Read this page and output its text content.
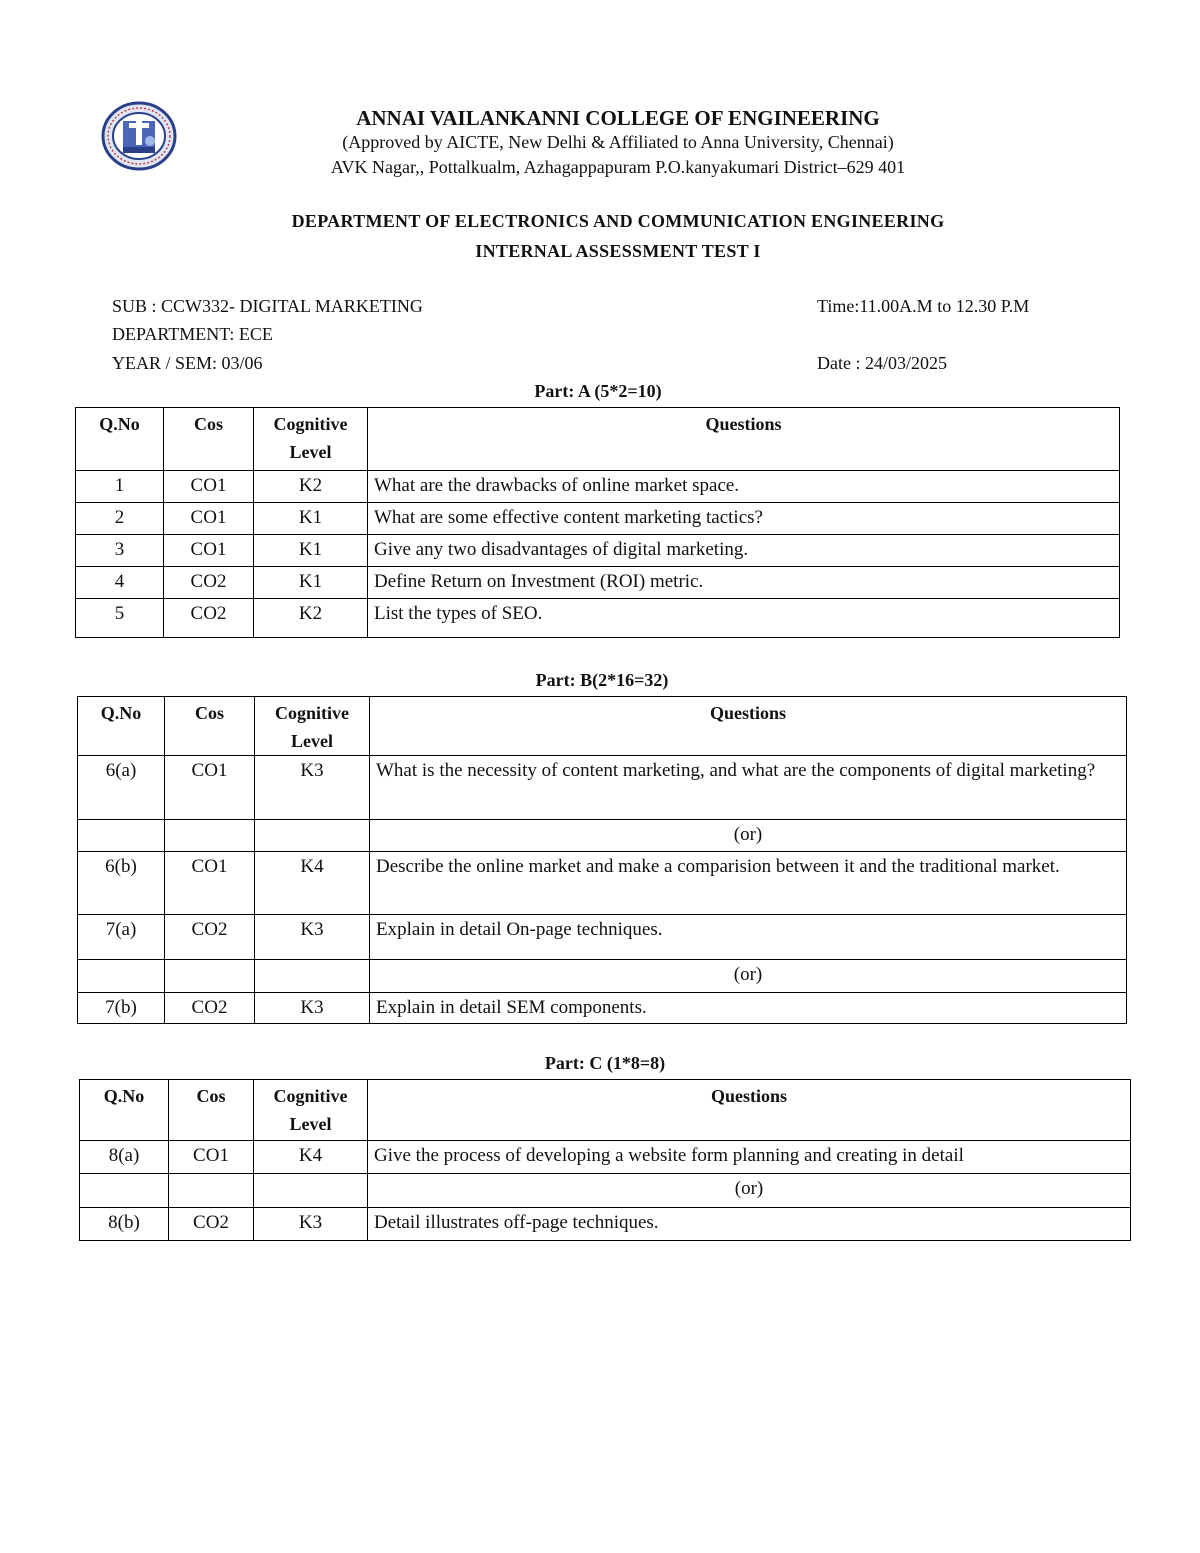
ANNAI VAILANKANNI COLLEGE OF ENGINEERING
(Approved by AICTE, New Delhi & Affiliated to Anna University, Chennai)
AVK Nagar,, Pottalkualm, Azhagappapuram P.O.kanyakumari District–629 401
DEPARTMENT OF ELECTRONICS AND COMMUNICATION ENGINEERING
INTERNAL ASSESSMENT TEST I
SUB : CCW332- DIGITAL MARKETING	Time:11.00A.M to 12.30 P.M
DEPARTMENT: ECE
YEAR / SEM: 03/06	Date : 24/03/2025
Part: A (5*2=10)
Q.No	Cos	Cognitive Level	Questions
1	CO1	K2	What are the drawbacks of online market space.
2	CO1	K1	What are some effective content marketing tactics?
3	CO1	K1	Give any two disadvantages of digital marketing.
4	CO2	K1	Define Return on Investment (ROI) metric.
5	CO2	K2	List the types of SEO.
Part: B(2*16=32)
Q.No	Cos	Cognitive Level	Questions
6(a)	CO1	K3	What is the necessity of content marketing, and what are the components of digital marketing?
			(or)
6(b)	CO1	K4	Describe the online market and make a comparision between it and the traditional market.
7(a)	CO2	K3	Explain in detail On-page techniques.
			(or)
7(b)	CO2	K3	Explain in detail SEM components.
Part: C (1*8=8)
Q.No	Cos	Cognitive Level	Questions
8(a)	CO1	K4	Give the process of developing a website form planning and creating in detail
			(or)
8(b)	CO2	K3	Detail illustrates off-page techniques.
